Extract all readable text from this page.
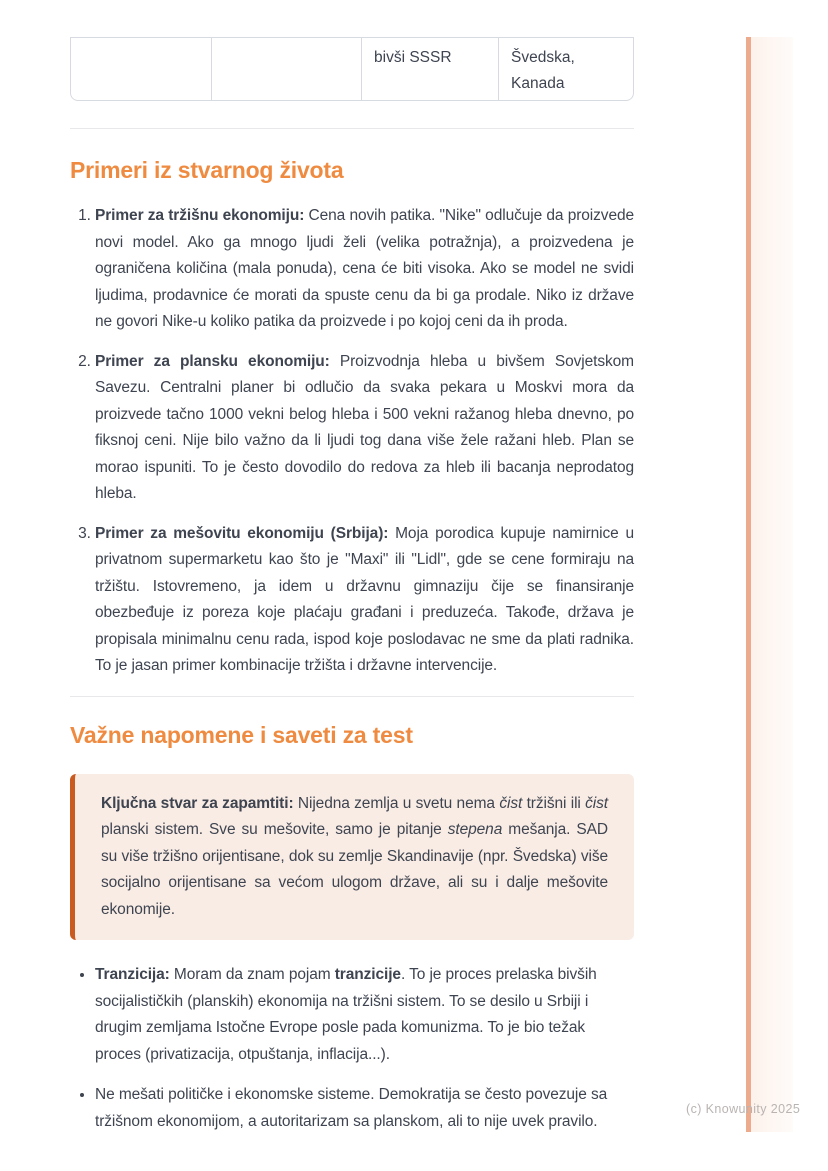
bivši SSSR	Švedska, Kanada
Primeri iz stvarnog života
1. Primer za tržišnu ekonomiju: Cena novih patika. "Nike" odlučuje da proizvede novi model. Ako ga mnogo ljudi želi (velika potražnja), a proizvedena je ograničena količina (mala ponuda), cena će biti visoka. Ako se model ne svidi ljudima, prodavnice će morati da spuste cenu da bi ga prodale. Niko iz države ne govori Nike-u koliko patika da proizvede i po kojoj ceni da ih proda.
2. Primer za plansku ekonomiju: Proizvodnja hleba u bivšem Sovjetskom Savezu. Centralni planer bi odlučio da svaka pekara u Moskvi mora da proizvede tačno 1000 vekni belog hleba i 500 vekni ražanog hleba dnevno, po fiksnoj ceni. Nije bilo važno da li ljudi tog dana više žele ražani hleb. Plan se morao ispuniti. To je često dovodilo do redova za hleb ili bacanja neprodatog hleba.
3. Primer za mešovitu ekonomiju (Srbija): Moja porodica kupuje namirnice u privatnom supermarketu kao što je "Maxi" ili "Lidl", gde se cene formiraju na tržištu. Istovremeno, ja idem u državnu gimnaziju čije se finansiranje obezbeđuje iz poreza koje plaćaju građani i preduzeća. Takođe, država je propisala minimalnu cenu rada, ispod koje poslodavac ne sme da plati radnika. To je jasan primer kombinacije tržišta i državne intervencije.
Važne napomene i saveti za test
Ključna stvar za zapamtiti: Nijedna zemlja u svetu nema čist tržišni ili čist planski sistem. Sve su mešovite, samo je pitanje stepena mešanja. SAD su više tržišno orijentisane, dok su zemlje Skandinavije (npr. Švedska) više socijalno orijentisane sa većom ulogom države, ali su i dalje mešovite ekonomije.
• Tranzicija: Moram da znam pojam tranzicije. To je proces prelaska bivših socijalističkih (planskih) ekonomija na tržišni sistem. To se desilo u Srbiji i drugim zemljama Istočne Evrope posle pada komunizma. To je bio težak proces (privatizacija, otpuštanja, inflacija...).
• Ne mešati političke i ekonomske sisteme. Demokratija se često povezuje sa tržišnom ekonomijom, a autoritarizam sa planskom, ali to nije uvek pravilo.
(c) Knowunity 2025
